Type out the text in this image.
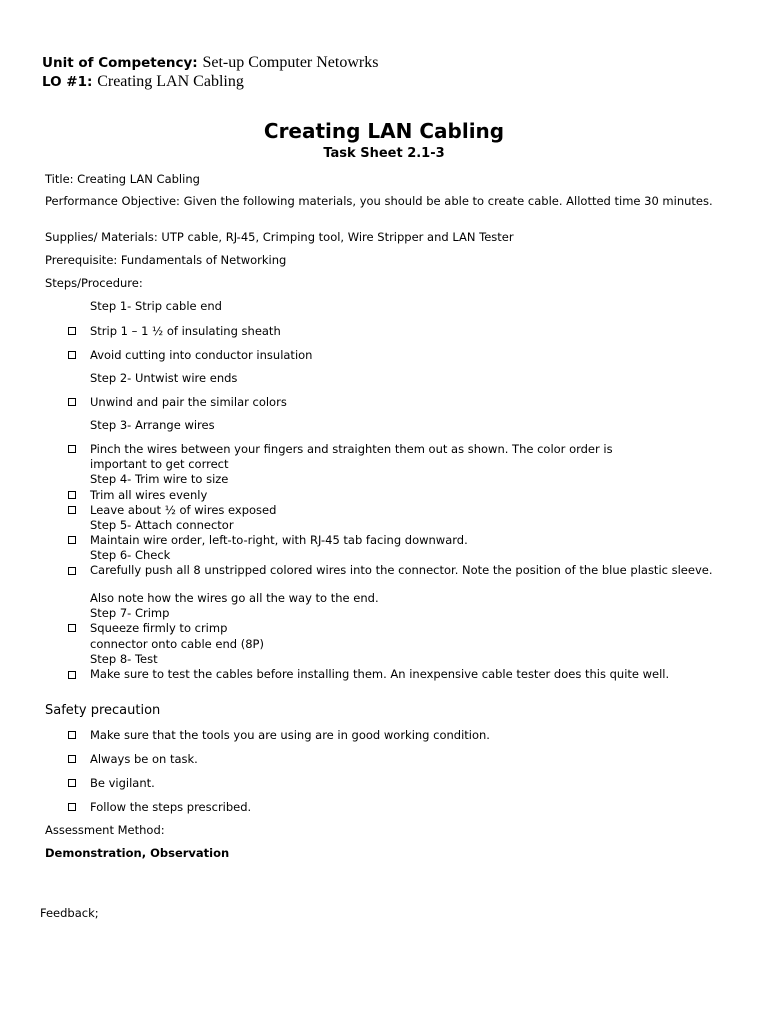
Unit of Competency: Set-up Computer Netowrks
LO #1: Creating LAN Cabling
Creating LAN Cabling
Task Sheet 2.1-3
Title: Creating LAN Cabling
Performance Objective: Given the following materials, you should be able to create cable. Allotted time 30 minutes.
Supplies/ Materials: UTP cable, RJ-45, Crimping tool, Wire Stripper and LAN Tester
Prerequisite: Fundamentals of Networking
Steps/Procedure:
Step 1- Strip cable end
Strip 1 – 1 ½ of insulating sheath
Avoid cutting into conductor insulation
Step 2- Untwist wire ends
Unwind and pair the similar colors
Step 3- Arrange wires
Pinch the wires between your fingers and straighten them out as shown. The color order is
important to get correct
Step 4- Trim wire to size
Trim all wires evenly
Leave about ½ of wires exposed
Step 5- Attach connector
Maintain wire order, left-to-right, with RJ-45 tab facing downward.
Step 6- Check
Carefully push all 8 unstripped colored wires into the connector. Note the position of the blue plastic sleeve.
Also note how the wires go all the way to the end.
Step 7- Crimp
Squeeze firmly to crimp
connector onto cable end (8P)
Step 8- Test
Make sure to test the cables before installing them. An inexpensive cable tester does this quite well.
Safety precaution
Make sure that the tools you are using are in good working condition.
Always be on task.
Be vigilant.
Follow the steps prescribed.
Assessment Method:
Demonstration, Observation
Feedback;
